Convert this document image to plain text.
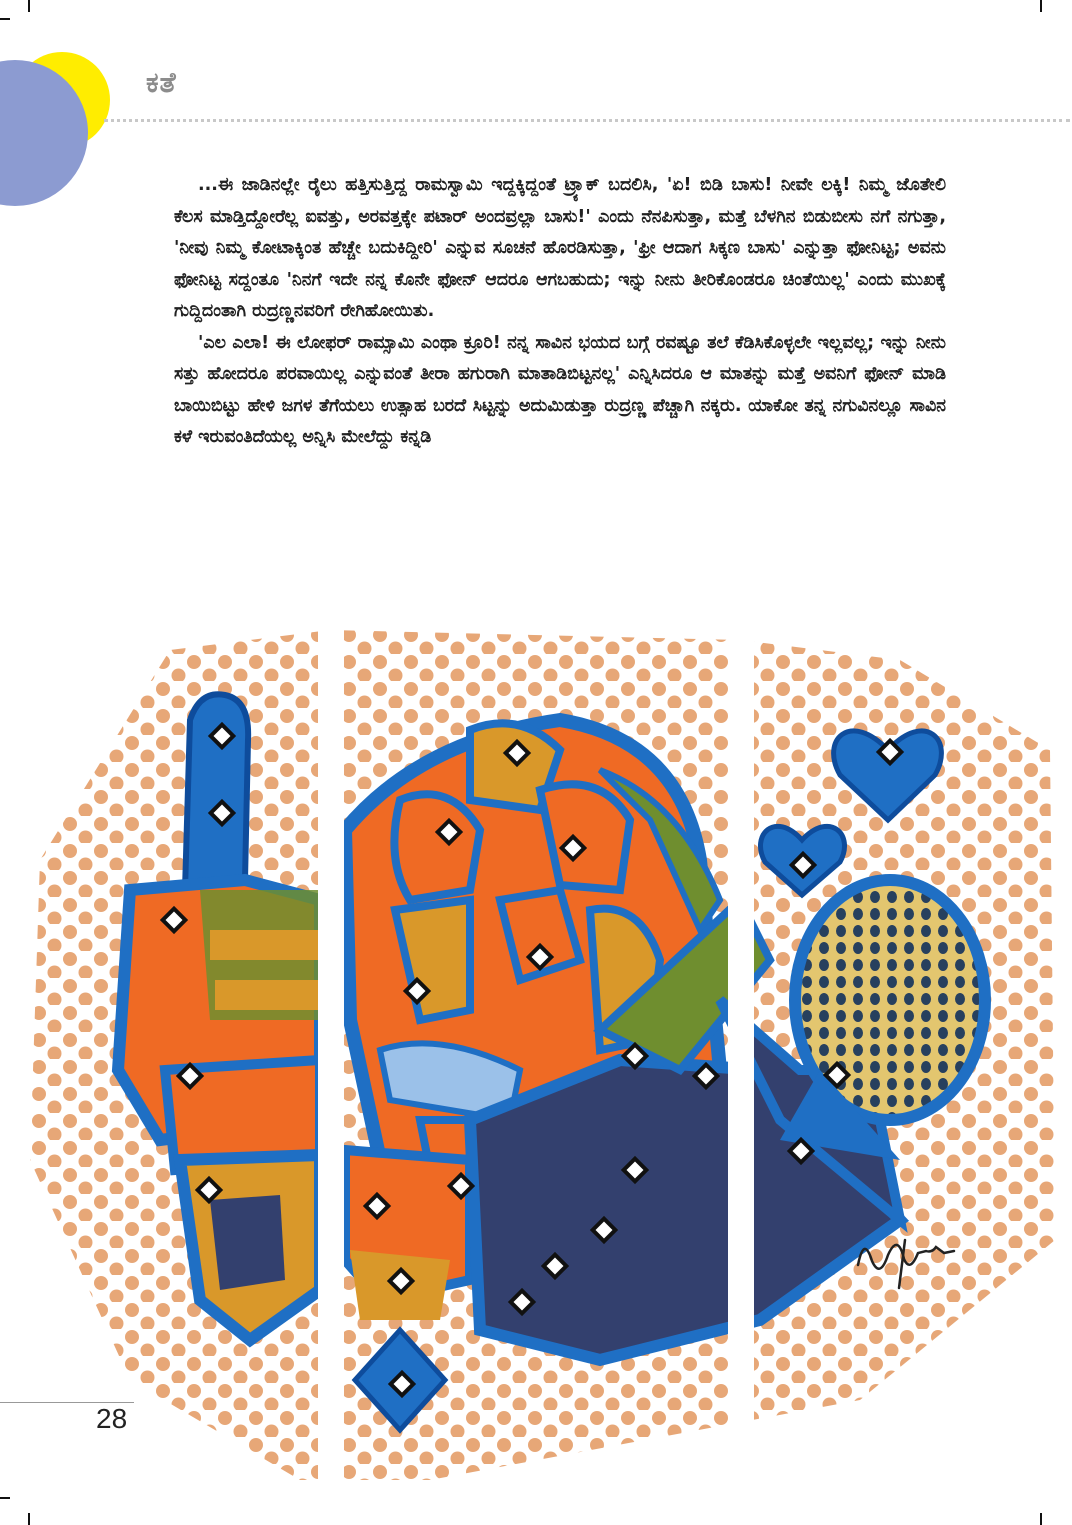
ಕತೆ

...ಈ ಜಾಡಿನಲ್ಲೇ ರೈಲು ಹತ್ತಿಸುತ್ತಿದ್ದ ರಾಮಸ್ವಾಮಿ ಇದ್ದಕ್ಕಿದ್ದಂತೆ ಟ್ರ್ಯಾಕ್ ಬದಲಿಸಿ, 'ಏ! ಬಿಡಿ ಬಾಸು! ನೀವೇ ಲಕ್ಕಿ! ನಿಮ್ಮ ಜೊತೇಲಿ ಕೆಲಸ ಮಾಡ್ತಿದ್ದೋರೆಲ್ಲ ಐವತ್ತು, ಅರವತ್ತಕ್ಕೇ ಪಟಾರ್ ಅಂದವ್ರಲ್ಲಾ ಬಾಸು!' ಎಂದು ನೆನಪಿಸುತ್ತಾ, ಮತ್ತೆ ಬೆಳಗಿನ ಬಿಡುಬೀಸು ನಗೆ ನಗುತ್ತಾ, 'ನೀವು ನಿಮ್ಮ ಕೋಟಾಕ್ಕಿಂತ ಹೆಚ್ಚೇ ಬದುಕಿದ್ದೀರಿ' ಎನ್ನುವ ಸೂಚನೆ ಹೊರಡಿಸುತ್ತಾ, 'ಫ್ರೀ ಆದಾಗ ಸಿಕ್ಕಣ ಬಾಸು' ಎನ್ನುತ್ತಾ ಫೋನಿಟ್ಟ; ಅವನು ಫೋನಿಟ್ಟ ಸದ್ದಂತೂ 'ನಿನಗೆ ಇದೇ ನನ್ನ ಕೊನೇ ಫೋನ್ ಆದರೂ ಆಗಬಹುದು; ಇನ್ನು ನೀನು ತೀರಿಕೊಂಡರೂ ಚಿಂತೆಯಿಲ್ಲ' ಎಂದು ಮುಖಕ್ಕೆ ಗುದ್ದಿದಂತಾಗಿ ರುದ್ರಣ್ಣನವರಿಗೆ ರೇಗಿಹೋಯಿತು.

'ಎಲ ಎಲಾ! ಈ ಲೋಫರ್ ರಾಮ್ಸಾಮಿ ಎಂಥಾ ಕ್ರೂರಿ! ನನ್ನ ಸಾವಿನ ಭಯದ ಬಗ್ಗೆ ರವಷ್ಟೂ ತಲೆ ಕೆಡಿಸಿಕೊಳ್ಳಲೇ ಇಲ್ಲವಲ್ಲ; ಇನ್ನು ನೀನು ಸತ್ತು ಹೋದರೂ ಪರವಾಯಿಲ್ಲ ಎನ್ನುವಂತೆ ತೀರಾ ಹಗುರಾಗಿ ಮಾತಾಡಿಬಿಟ್ಟನಲ್ಲ' ಎನ್ನಿಸಿದರೂ ಆ ಮಾತನ್ನು ಮತ್ತೆ ಅವನಿಗೆ ಫೋನ್ ಮಾಡಿ ಬಾಯಿಬಿಟ್ಟು ಹೇಳಿ ಜಗಳ ತೆಗೆಯಲು ಉತ್ಸಾಹ ಬರದೆ ಸಿಟ್ಟನ್ನು ಅದುಮಿಡುತ್ತಾ ರುದ್ರಣ್ಣ ಪೆಚ್ಚಾಗಿ ನಕ್ಕರು. ಯಾಕೋ ತನ್ನ ನಗುವಿನಲ್ಲೂ ಸಾವಿನ ಕಳೆ ಇರುವಂತಿದೆಯಲ್ಲ ಅನ್ನಿಸಿ ಮೇಲೆದ್ದು ಕನ್ನಡಿ

28
